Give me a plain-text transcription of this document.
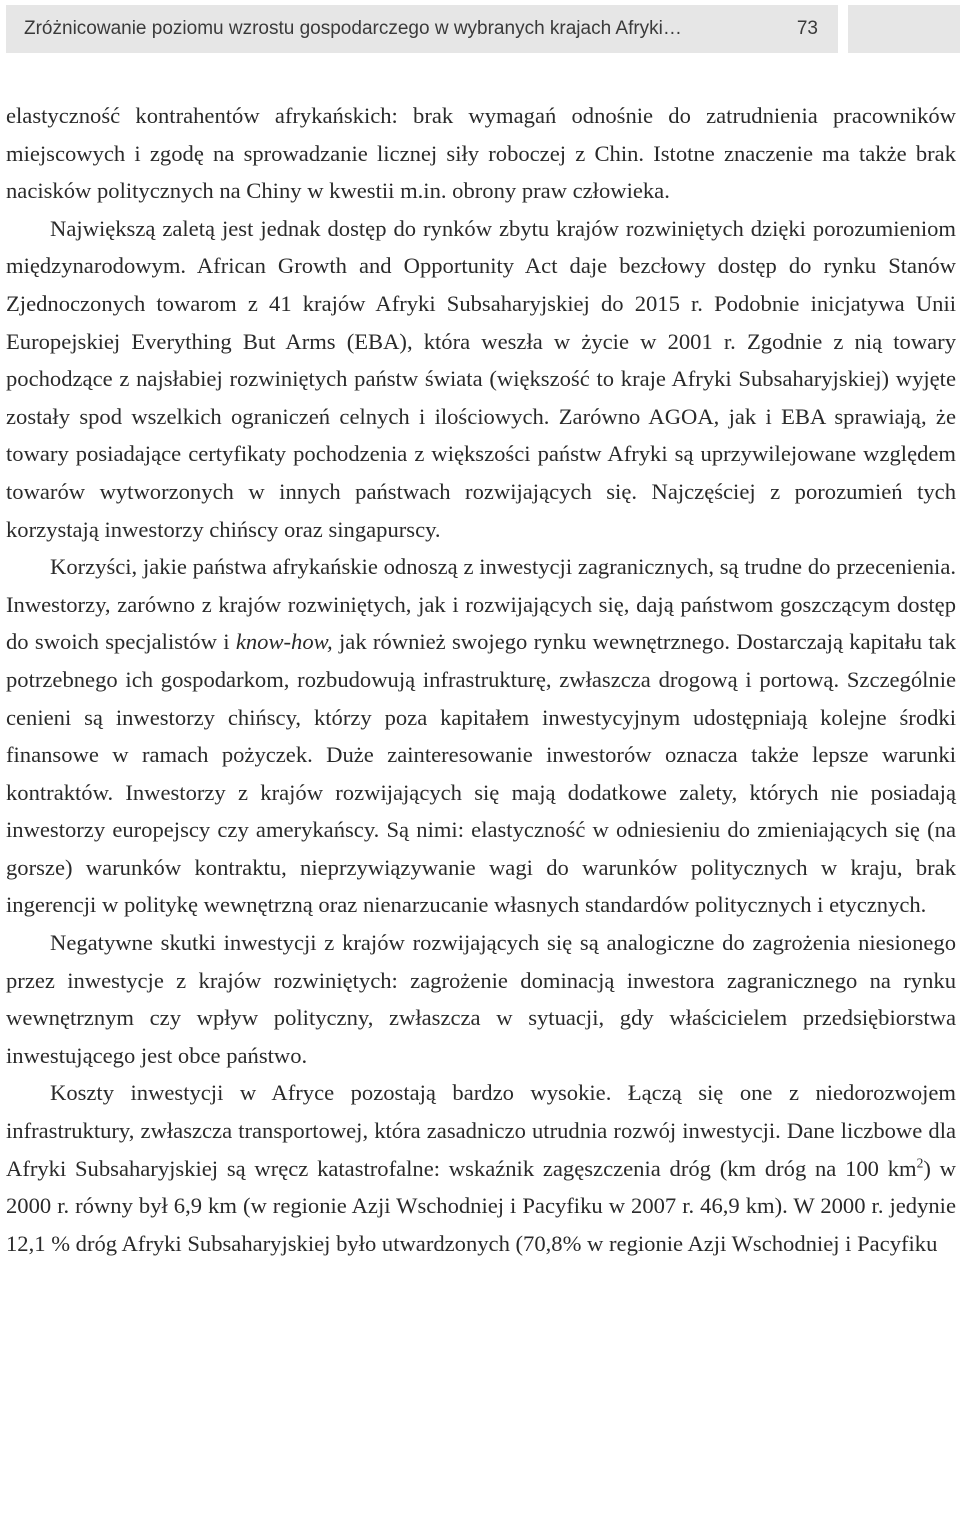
Zróżnicowanie poziomu wzrostu gospodarczego w wybranych krajach Afryki…	73

elastyczność kontrahentów afrykańskich: brak wymagań odnośnie do zatrudnienia pracowników miejscowych i zgodę na sprowadzanie licznej siły roboczej z Chin. Istotne znaczenie ma także brak nacisków politycznych na Chiny w kwestii m.in. obrony praw człowieka.

Największą zaletą jest jednak dostęp do rynków zbytu krajów rozwiniętych dzięki porozumieniom międzynarodowym. African Growth and Opportunity Act daje bezcłowy dostęp do rynku Stanów Zjednoczonych towarom z 41 krajów Afryki Subsaharyjskiej do 2015 r. Podobnie inicjatywa Unii Europejskiej Everything But Arms (EBA), która weszła w życie w 2001 r. Zgodnie z nią towary pochodzące z najsłabiej rozwiniętych państw świata (większość to kraje Afryki Subsaharyjskiej) wyjęte zostały spod wszelkich ograniczeń celnych i ilościowych. Zarówno AGOA, jak i EBA sprawiają, że towary posiadające certyfikaty pochodzenia z większości państw Afryki są uprzywilejowane względem towarów wytworzonych w innych państwach rozwijających się. Najczęściej z porozumień tych korzystają inwestorzy chińscy oraz singapurscy.

Korzyści, jakie państwa afrykańskie odnoszą z inwestycji zagranicznych, są trudne do przecenienia. Inwestorzy, zarówno z krajów rozwiniętych, jak i rozwijających się, dają państwom goszczącym dostęp do swoich specjalistów i know-how, jak również swojego rynku wewnętrznego. Dostarczają kapitału tak potrzebnego ich gospodarkom, rozbudowują infrastrukturę, zwłaszcza drogową i portową. Szczególnie cenieni są inwestorzy chińscy, którzy poza kapitałem inwestycyjnym udostępniają kolejne środki finansowe w ramach pożyczek. Duże zainteresowanie inwestorów oznacza także lepsze warunki kontraktów. Inwestorzy z krajów rozwijających się mają dodatkowe zalety, których nie posiadają inwestorzy europejscy czy amerykańscy. Są nimi: elastyczność w odniesieniu do zmieniających się (na gorsze) warunków kontraktu, nieprzywiązywanie wagi do warunków politycznych w kraju, brak ingerencji w politykę wewnętrzną oraz nienarzucanie własnych standardów politycznych i etycznych.

Negatywne skutki inwestycji z krajów rozwijających się są analogiczne do zagrożenia niesionego przez inwestycje z krajów rozwiniętych: zagrożenie dominacją inwestora zagranicznego na rynku wewnętrznym czy wpływ polityczny, zwłaszcza w sytuacji, gdy właścicielem przedsiębiorstwa inwestującego jest obce państwo.

Koszty inwestycji w Afryce pozostają bardzo wysokie. Łączą się one z niedorozwojem infrastruktury, zwłaszcza transportowej, która zasadniczo utrudnia rozwój inwestycji. Dane liczbowe dla Afryki Subsaharyjskiej są wręcz katastrofalne: wskaźnik zagęszczenia dróg (km dróg na 100 $km^2$) w 2000 r. równy był 6,9 km (w regionie Azji Wschodniej i Pacyfiku w 2007 r. 46,9 km). W 2000 r. jedynie 12,1 % dróg Afryki Subsaharyjskiej było utwardzonych (70,8% w regionie Azji Wschodniej i Pacyfiku
